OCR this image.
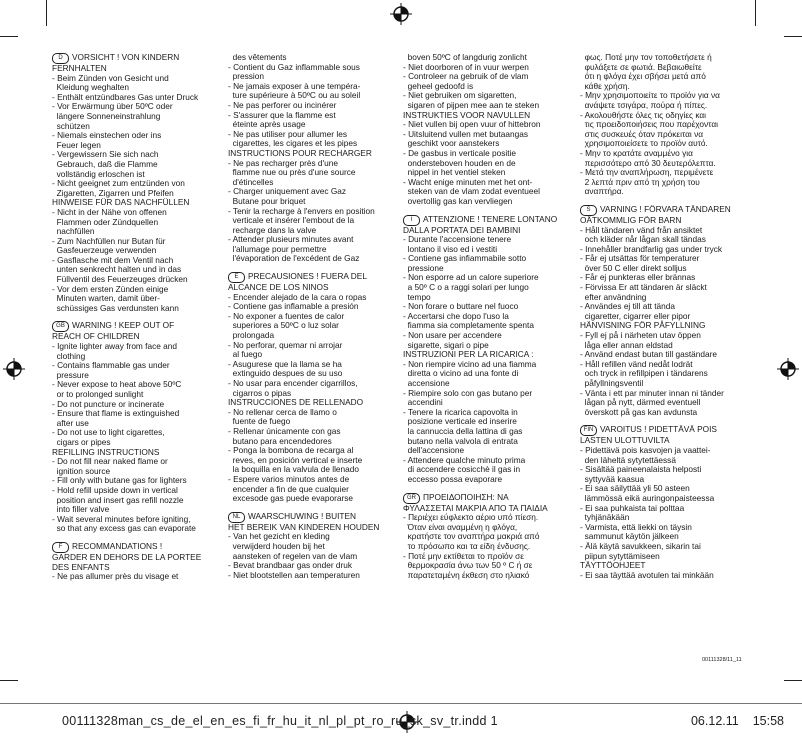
D	VORSICHT ! VON KINDERN
FERNHALTEN
- Beim Zünden von Gesicht und
Kleidung weghalten
- Enthält entzündbares Gas unter Druck
- Vor Erwärmung über 50ºC oder
längere Sonneneinstrahlung
schützen
- Niemals einstechen oder ins
Feuer legen
- Vergewissern Sie sich nach
Gebrauch, daß die Flamme
vollständig erloschen ist
- Nicht geeignet zum entzünden von
Zigaretten, Zigarren und Pfeifen
HINWEISE FÜR DAS NACHFÜLLEN
- Nicht in der Nähe von offenen
Flammen oder Zündquellen
nachfüllen
- Zum Nachfüllen nur Butan für
Gasfeuerzeuge verwenden
- Gasflasche mit dem Ventil nach
unten senkrecht halten und in das
Füllventil des Feuerzeuges drücken
- Vor dem ersten Zünden einige
Minuten warten, damit über-
schüssiges Gas verdunsten kann
GB WARNING ! KEEP OUT OF
REACH OF CHILDREN
- Ignite lighter away from face and
clothing
- Contains flammable gas under
pressure
- Never expose to heat above 50ºC
or to prolonged sunlight
- Do not puncture or incinerate
- Ensure that flame is extinguished
after use
- Do not use to light cigarettes,
cigars or pipes
REFILLING INSTRUCTIONS
- Do not fill near naked flame or
ignition source
- Fill only with butane gas for lighters
- Hold refill upside down in vertical
position and insert gas refill nozzle
into filler valve
- Wait several minutes before igniting,
so that any excess gas can evaporate
F	RECOMMANDATIONS !
GARDER EN DEHORS DE LA PORTEE
DES ENFANTS
- Ne pas allumer près du visage et
des vêtements
- Contient du Gaz inflammable sous
pression
- Ne jamais exposer à une tempéra-
ture supérieure à 50ºC ou au soleil
- Ne pas perforer ou incinérer
- S'assurer que la flamme est
éteinte après usage
- Ne pas utiliser pour allumer les
cigarettes, les cigares et les pipes
INSTRUCTIONS POUR RECHARGER
- Ne pas recharger près d'une
flamme nue ou près d'une source
d'étincelles
- Charger uniquement avec Gaz
Butane pour briquet
- Tenir la recharge à l'envers en position
verticale et insérer l'embout de la
recharge dans la valve
- Attender plusieurs minutes avant
l'allumage pour permettre
l'évaporation de l'excédent de Gaz
E	PRECAUSIONES ! FUERA DEL
ALCANCE DE LOS NINOS
- Encender alejado de la cara o ropas
- Contiene gas inflamable a presión
- No exponer a fuentes de calor
superiores a 50ºC o luz solar
prolongada
- No perforar, quemar ni arrojar
al fuego
- Asugurese que la llama se ha
extinguido despues de su uso
- No usar para encender cigarrillos,
cigarros o pipas
INSTRUCCIONES DE RELLENADO
- No rellenar cerca de llamo o
fuente de fuego
- Rellenar únicamente con gas
butano para encendedores
- Ponga la bombona de recarga al
reves, en posición vertical e inserte
la boquilla en la valvula de llenado
- Espere varios minutos antes de
encender a fin de que cualquier
excesode gas puede evaporarse
NL WAARSCHUWING ! BUITEN
HET BEREIK VAN KINDEREN HOUDEN
- Van het gezicht en kleding
verwijderd houden bij het
aansteken of regelen van de vlam
- Bevat brandbaar gas onder druk
- Niet blootstellen aan temperaturen
boven 50ºC of langdurig zonlicht
- Niet doorboren of in vuur werpen
- Controleer na gebruik of de vlam
geheel gedoofd is
- Niet gebruiken om sigaretten,
sigaren of pijpen mee aan te steken
INSTRUKTIES VOOR NAVULLEN
- Niet vullen bij open vuur of hittebron
- Uitsluitend vullen met butaangas
geschikt voor aanstekers
- De gasbus in verticale positie
ondersteboven houden en de
nippel in het ventiel steken
- Wacht enige minuten met het ont-
steken van de vlam zodat eventueel
overtollig gas kan vervliegen
I	ATTENZIONE ! TENERE LONTANO
DALLA PORTATA DEI BAMBINI
- Durante l'accensione tenere
lontano il viso ed i vestiti
- Contiene gas infiammabile sotto
pressione
- Non esporre ad un calore superiore
a 50º C o a raggi solari per lungo
tempo
- Non forare o buttare nel fuoco
- Accertarsi che dopo l'uso la
fiamma sia completamente spenta
- Non usare per accendere
sigarette, sigari o pipe
INSTRUZIONI PER LA RICARICA :
- Non riempire vicino ad una fiamma
diretta o vicino ad una fonte di
accensione
- Riempire solo con gas butano per
accendini
- Tenere la ricarica capovolta in
posizione verticale ed inserire
la cannuccia della lattina di gas
butano nella valvola di entrata
dell'accensione
- Attendere qualche minuto prima
di accendere cosicchè il gas in
eccesso possa evaporare
GR ΠΡΟΕΙΔΟΠΟΙΗΣΗ: ΝΑ
ΦΥΛΑΣΣΕΤΑΙ ΜΑΚΡΙΑ ΑΠΟ ΤΑ ΠΑΙΔΙΑ
- Περιέχει εύφλεκτο αέριο υπό πίεση.
Όταν είναι αναμμένη η φλόγα,
κρατήστε τον αναπτήρα μακριά από
το πρόσωπο και τα είδη ένδυσης.
- Ποτέ μην εκτίθεται το προϊόν σε
θερμοκρασία άνω των 50 º C ή σε
παρατεταμένη έκθεση στο ηλιακό
φως. Ποτέ μην τον τοποθετήσετε ή
φυλάξετε σε φωτιά. Βεβαιωθείτε
ότι η φλόγα έχει σβήσει μετά από
κάθε χρήση.
- Μην χρησιμοποιείτε το προϊόν για να
ανάψετε τσιγάρα, πούρα ή πίπες.
- Ακολουθήστε όλες τις οδηγίες και
τις προειδοποιήσεις που παρέχονται
στις συσκευές όταν πρόκειται να
χρησιμοποιείσετε το προϊόν αυτό.
- Μην το κρατάτε αναμμένο για
περισσότερο από 30 δευτερόλεπτα.
- Μετά την αναπλήρωση, περιμένετε
2 λεπτά πριν από τη χρήση του
αναπτήρα.
S	VARNING ! FÖRVARA TÄNDAREN
OÅTKOMMLIG FÖR BARN
- Håll tändaren vänd från ansiktet
och kläder når lågan skall tändas
- Innehåller brandfarlig gas under tryck
- Får ej utsättas för temperaturer
över 50 C eller direkt solljus
- Får ej punkteras eller brännas
- Förvissa Er att tändaren är släckt
efter användning
- Användes ej till att tända
cigaretter, cigarrer eller pipor
HÄNVISNING FÖR PÅFYLLNING
- Fyll ej på i närheten utav öppen
låga eller annan eldstad
- Använd endast butan till gaständare
- Håll refillen vänd nedåt lodrät
och tryck in refillpipen i tändarens
påfyllningsventil
- Vänta i ett par minuter innan ni tänder
lågan på nytt, därmed eventuell
överskott på gas kan avdunsta
FIN VAROITUS ! PIDETTÄVÄ POIS
LASTEN ULOTTUVILTA
- Pidettävä pois kasvojen ja vaattei-
den läheltä sytytettäessä
- Sisältää paineenalaista helposti
syttyvää kaasua
- Ei saa säilyttää yli 50 asteen
lämmössä eikä auringonpaisteessa
- Ei saa puhkaista tai polttaa
tyhjänäkään
- Varmista, että liekki on täysin
sammunut käytön jälkeen
- Älä käytä savukkeen, sikarin tai
piipun sytyttämiseen
TÄYTTÖOHJEET
- Ei saa täyttää avotulen tai minkään
00111328/11_11
00111328man_cs_de_el_en_es_fi_fr_hu_it_nl_pl_pt_ro_ru_sk_sv_tr.indd 1	06.12.11 15:58
